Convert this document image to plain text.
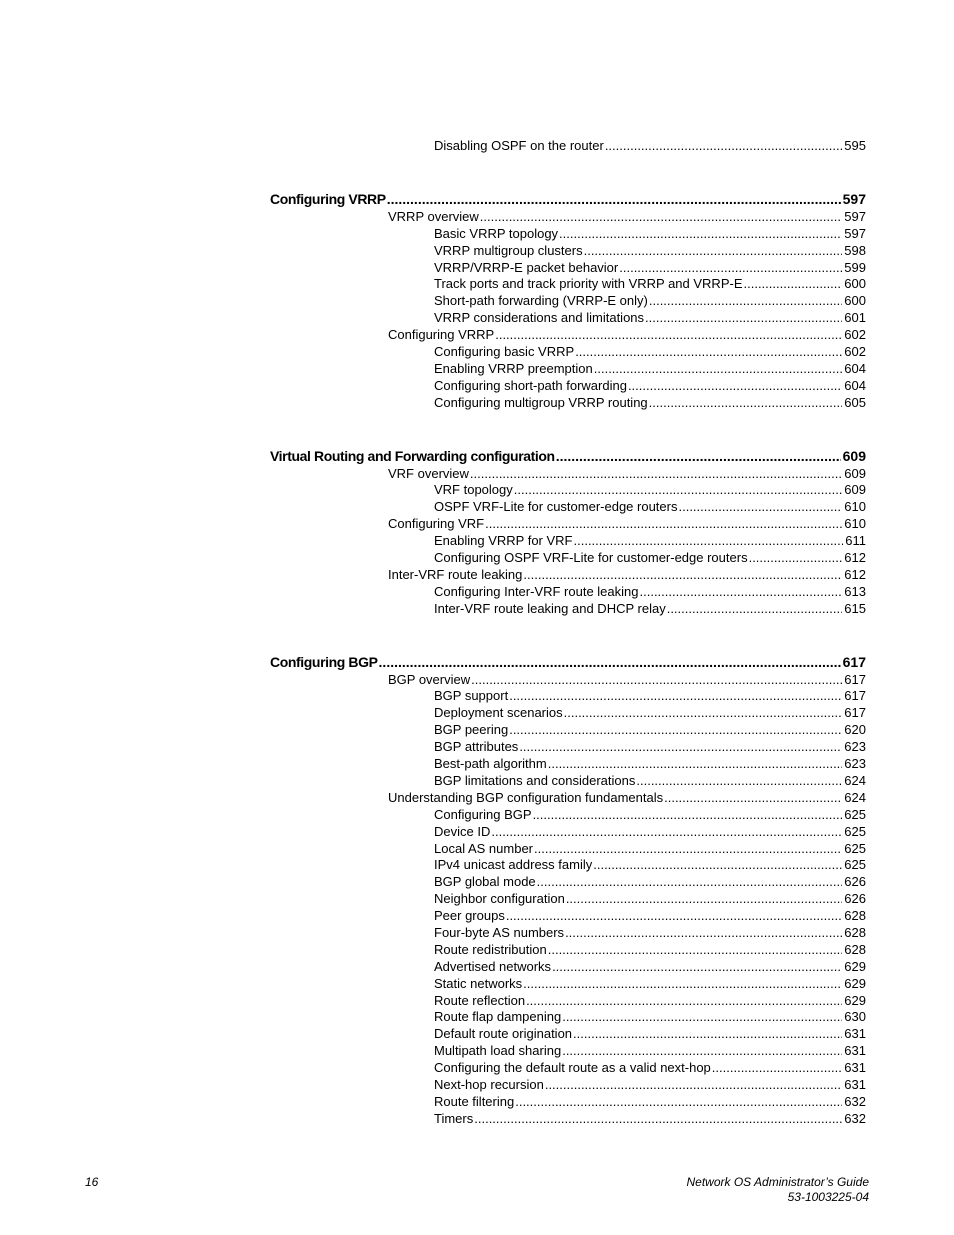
Disabling OSPF on the router .....	595
Configuring VRRP .....	597
VRRP overview .....	597
Basic VRRP topology .....	597
VRRP multigroup clusters .....	598
VRRP/VRRP-E packet behavior .....	599
Track ports and track priority with VRRP and VRRP-E .....	600
Short-path forwarding (VRRP-E only) .....	600
VRRP considerations and limitations .....	601
Configuring VRRP .....	602
Configuring basic VRRP .....	602
Enabling VRRP preemption .....	604
Configuring short-path forwarding .....	604
Configuring multigroup VRRP routing .....	605
Virtual Routing and Forwarding configuration .....	609
VRF overview .....	609
VRF topology .....	609
OSPF VRF-Lite for customer-edge routers .....	610
Configuring VRF .....	610
Enabling VRRP for VRF .....	611
Configuring OSPF VRF-Lite for customer-edge routers .....	612
Inter-VRF route leaking .....	612
Configuring Inter-VRF route leaking .....	613
Inter-VRF route leaking and DHCP relay .....	615
Configuring BGP .....	617
BGP overview .....	617
BGP support .....	617
Deployment scenarios .....	617
BGP peering .....	620
BGP attributes .....	623
Best-path algorithm .....	623
BGP limitations and considerations .....	624
Understanding BGP configuration fundamentals .....	624
Configuring BGP .....	625
Device ID .....	625
Local AS number .....	625
IPv4 unicast address family .....	625
BGP global mode .....	626
Neighbor configuration .....	626
Peer groups .....	628
Four-byte AS numbers .....	628
Route redistribution .....	628
Advertised networks .....	629
Static networks .....	629
Route reflection .....	629
Route flap dampening .....	630
Default route origination .....	631
Multipath load sharing .....	631
Configuring the default route as a valid next-hop .....	631
Next-hop recursion .....	631
Route filtering .....	632
Timers .....	632
16	Network OS Administrator’s Guide
53-1003225-04
